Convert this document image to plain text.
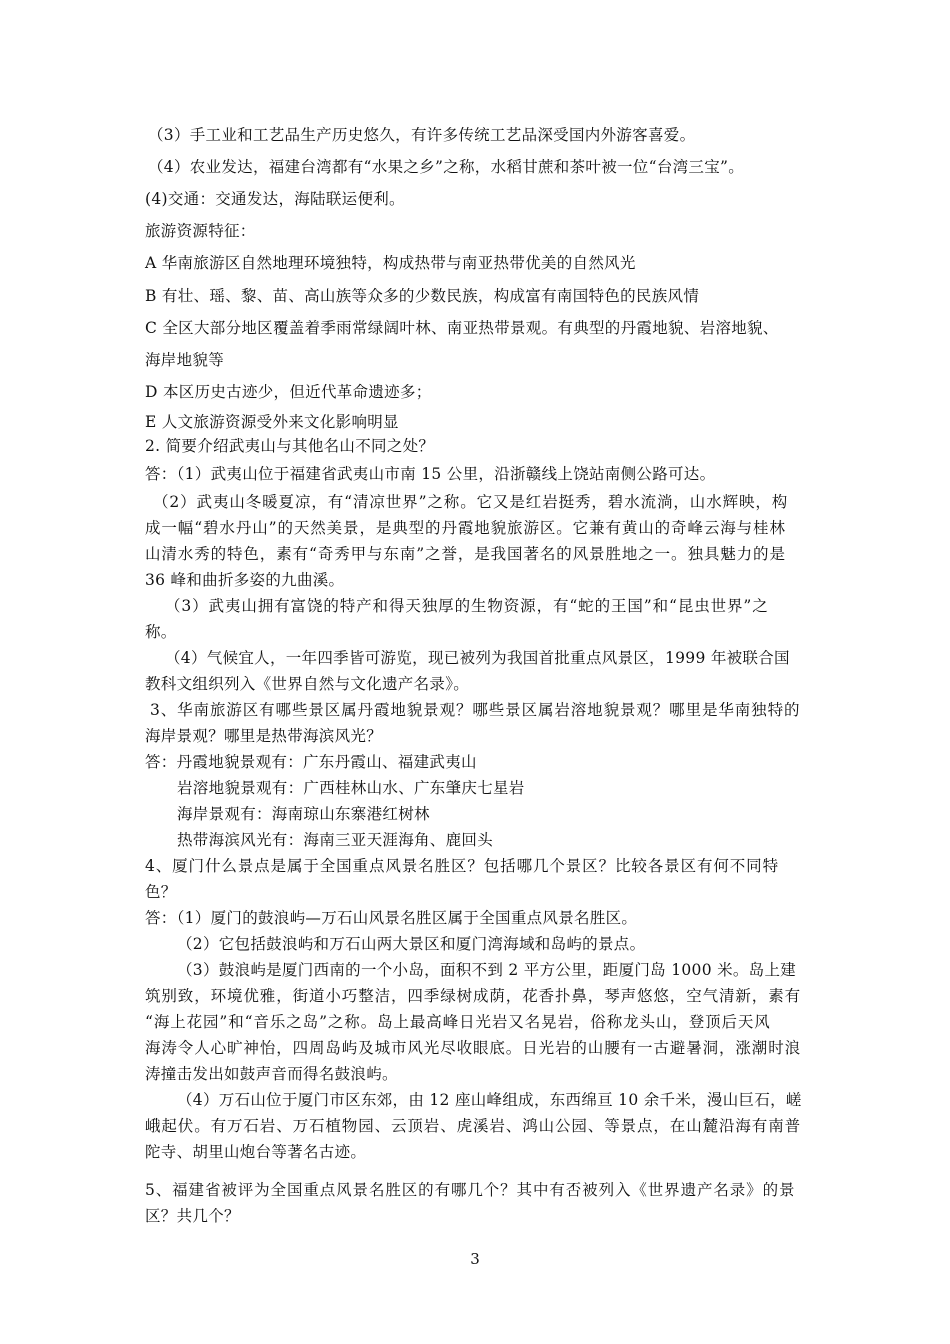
（3）手工业和工艺品生产历史悠久，有许多传统工艺品深受国内外游客喜爱。
（4）农业发达，福建台湾都有“水果之乡”之称，水稻甘蔗和茶叶被一位“台湾三宝”。
(4)交通：交通发达，海陆联运便利。
旅游资源特征：
A 华南旅游区自然地理环境独特，构成热带与南亚热带优美的自然风光
B 有壮、瑶、黎、苗、高山族等众多的少数民族，构成富有南国特色的民族风情
C 全区大部分地区覆盖着季雨常绿阔叶林、南亚热带景观。有典型的丹霞地貌、岩溶地貌、
海岸地貌等
D 本区历史古迹少，但近代革命遗迹多；
E 人文旅游资源受外来文化影响明显
2. 简要介绍武夷山与其他名山不同之处？
答：（1）武夷山位于福建省武夷山市南 15 公里，沿浙赣线上饶站南侧公路可达。
（2）武夷山冬暖夏凉，有“清凉世界”之称。它又是红岩挺秀，碧水流淌，山水辉映，构
成一幅“碧水丹山”的天然美景，是典型的丹霞地貌旅游区。它兼有黄山的奇峰云海与桂林
山清水秀的特色，素有“奇秀甲与东南”之誉，是我国著名的风景胜地之一。独具魅力的是
36 峰和曲折多姿的九曲溪。
（3）武夷山拥有富饶的特产和得天独厚的生物资源，有“蛇的王国”和“昆虫世界”之
称。
（4）气候宜人，一年四季皆可游览，现已被列为我国首批重点风景区，1999 年被联合国
教科文组织列入《世界自然与文化遗产名录》。
3、华南旅游区有哪些景区属丹霞地貌景观？哪些景区属岩溶地貌景观？哪里是华南独特的
海岸景观？哪里是热带海滨风光？
答：丹霞地貌景观有：广东丹霞山、福建武夷山
岩溶地貌景观有：广西桂林山水、广东肇庆七星岩
海岸景观有：海南琼山东寨港红树林
热带海滨风光有：海南三亚天涯海角、鹿回头
4、厦门什么景点是属于全国重点风景名胜区？包括哪几个景区？比较各景区有何不同特
色？
答：（1）厦门的鼓浪屿—万石山风景名胜区属于全国重点风景名胜区。
（2）它包括鼓浪屿和万石山两大景区和厦门湾海域和岛屿的景点。
（3）鼓浪屿是厦门西南的一个小岛，面积不到 2 平方公里，距厦门岛 1000 米。岛上建
筑别致，环境优雅，街道小巧整洁，四季绿树成荫，花香扑鼻，琴声悠悠，空气清新，素有
“海上花园”和“音乐之岛”之称。岛上最高峰日光岩又名晃岩，俗称龙头山，登顶后天风
海涛令人心旷神怡，四周岛屿及城市风光尽收眼底。日光岩的山腰有一古避暑洞，涨潮时浪
涛撞击发出如鼓声音而得名鼓浪屿。
（4）万石山位于厦门市区东郊，由 12 座山峰组成，东西绵亘 10 余千米，漫山巨石，嵯
峨起伏。有万石岩、万石植物园、云顶岩、虎溪岩、鸿山公园、等景点，在山麓沿海有南普
陀寺、胡里山炮台等著名古迹。
5、福建省被评为全国重点风景名胜区的有哪几个？其中有否被列入《世界遗产名录》的景
区？共几个？
3
